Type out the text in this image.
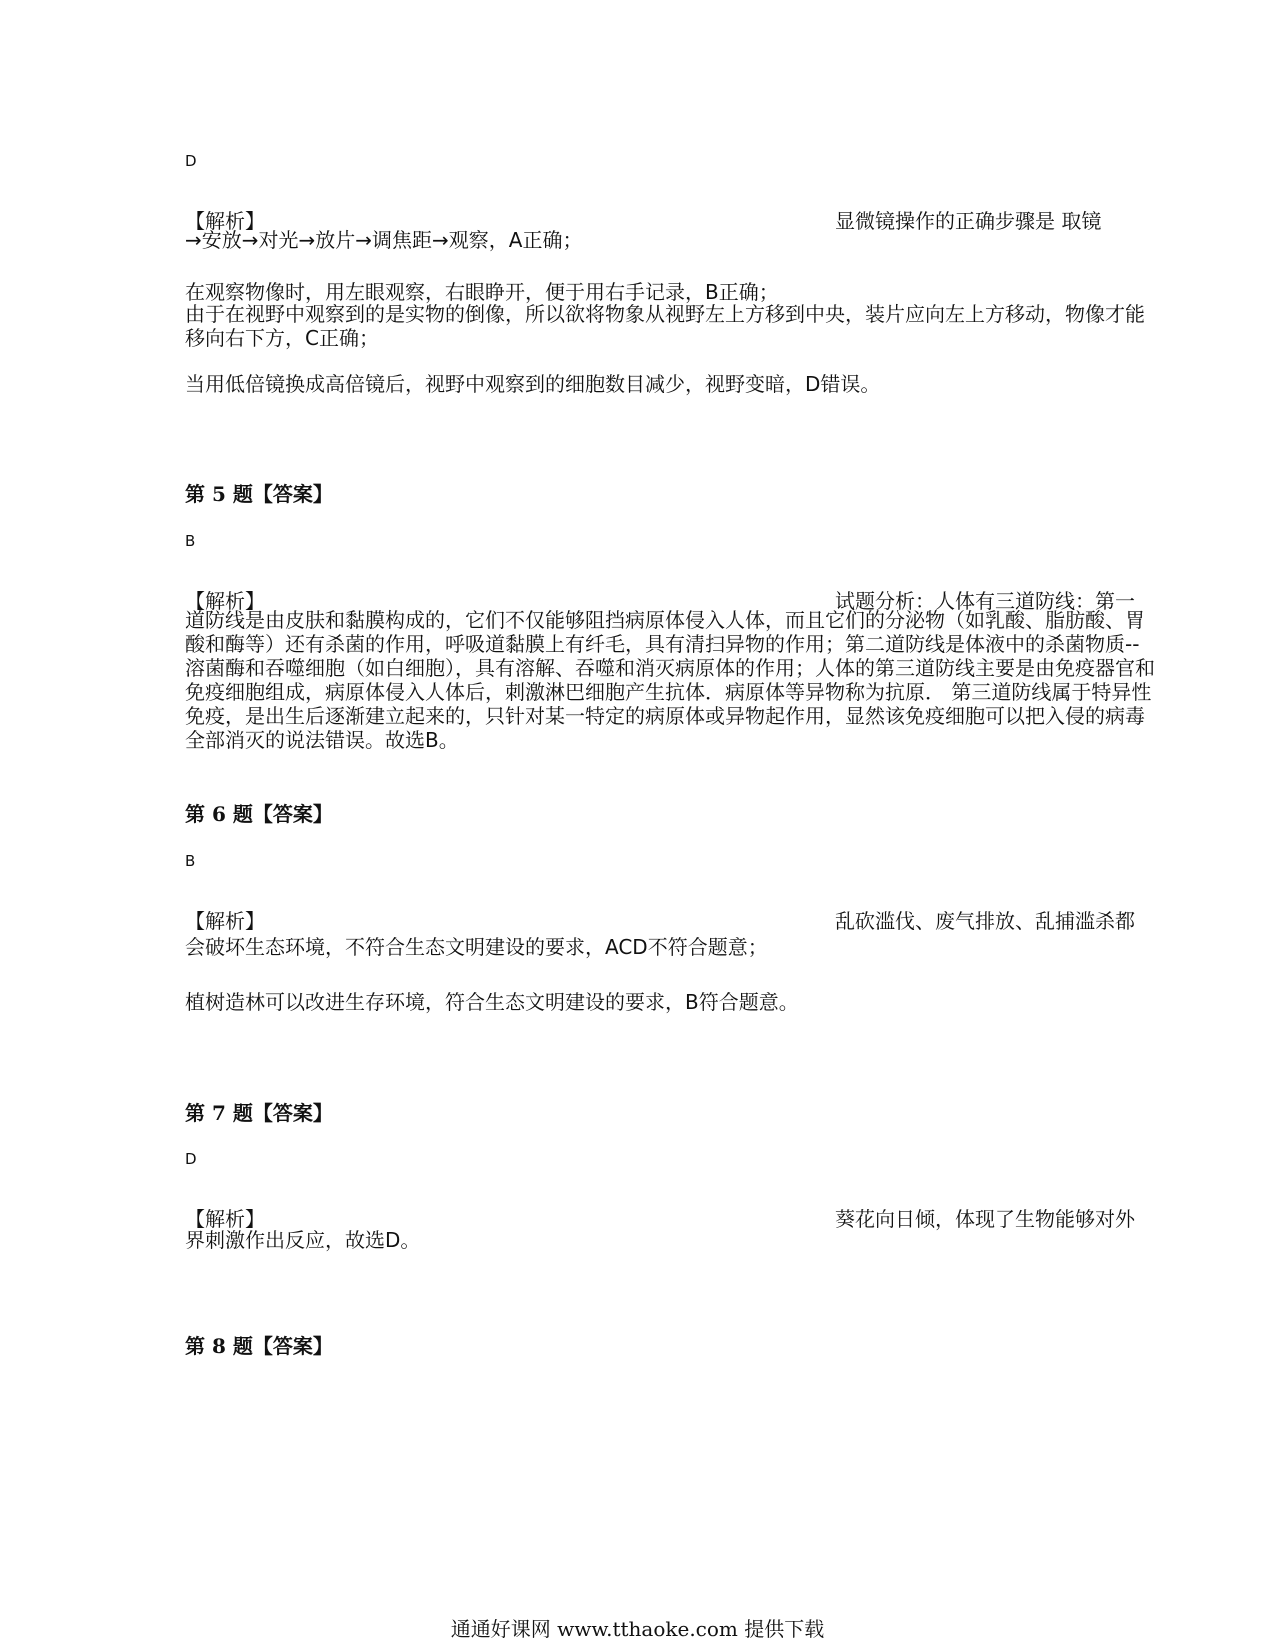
D
【解析】	显微镜操作的正确步骤是 取镜
→安放→对光→放片→调焦距→观察，A正确；
在观察物像时，用左眼观察，右眼睁开，便于用右手记录，B正确；
由于在视野中观察到的是实物的倒像，所以欲将物象从视野左上方移到中央，装片应向左上方移动，物像才能移向右下方，C正确；
当用低倍镜换成高倍镜后，视野中观察到的细胞数目减少，视野变暗，D错误。
第 5 题【答案】
B
【解析】	试题分析：人体有三道防线：第一
道防线是由皮肤和黏膜构成的，它们不仅能够阻挡病原体侵入人体，而且它们的分泌物（如乳酸、脂肪酸、胃酸和酶等）还有杀菌的作用，呼吸道黏膜上有纤毛，具有清扫异物的作用；第二道防线是体液中的杀菌物质--溶菌酶和吞噬细胞（如白细胞），具有溶解、吞噬和消灭病原体的作用；人体的第三道防线主要是由免疫器官和免疫细胞组成，病原体侵入人体后，刺激淋巴细胞产生抗体．病原体等异物称为抗原． 第三道防线属于特异性免疫，是出生后逐渐建立起来的，只针对某一特定的病原体或异物起作用，显然该免疫细胞可以把入侵的病毒全部消灭的说法错误。故选B。
第 6 题【答案】
B
【解析】	乱砍滥伐、废气排放、乱捕滥杀都
会破坏生态环境，不符合生态文明建设的要求，ACD不符合题意；
植树造林可以改进生存环境，符合生态文明建设的要求，B符合题意。
第 7 题【答案】
D
【解析】	葵花向日倾，体现了生物能够对外
界刺激作出反应，故选D。
第 8 题【答案】
通通好课网 www.tthaoke.com 提供下载
